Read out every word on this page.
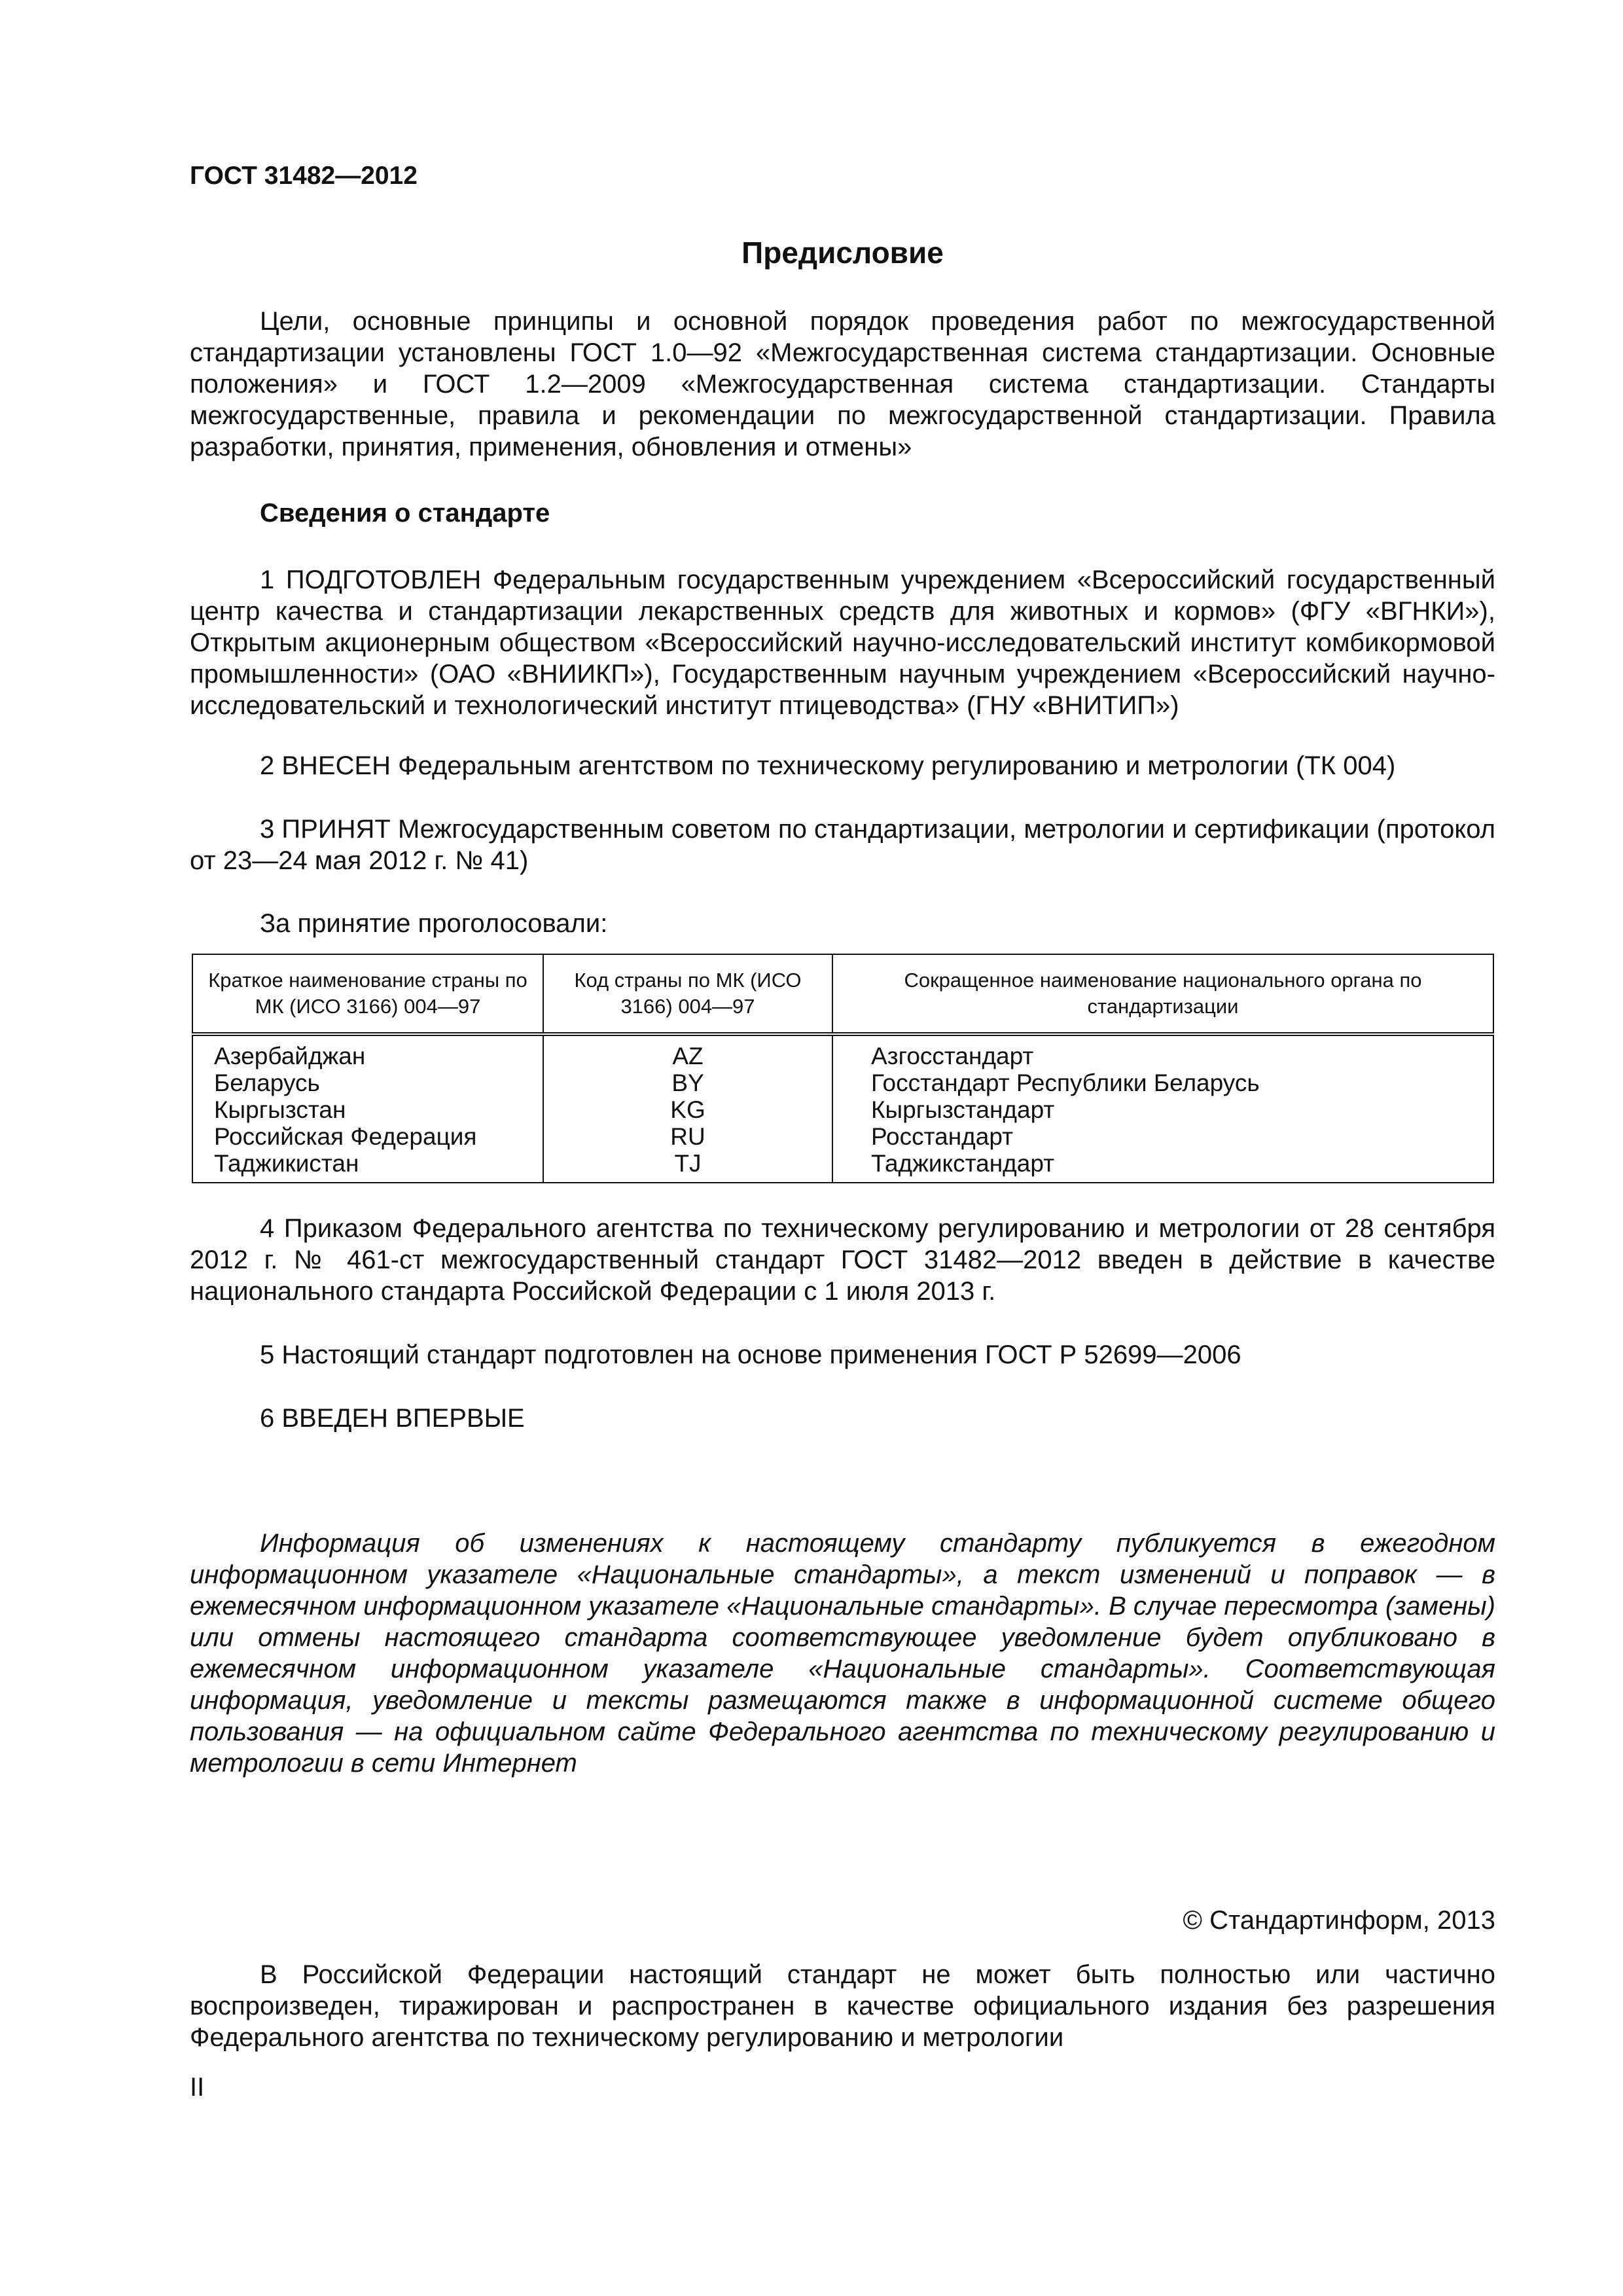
ГОСТ 31482—2012
Предисловие

Цели, основные принципы и основной порядок проведения работ по межгосударственной стандартизации установлены ГОСТ 1.0—92 «Межгосударственная система стандартизации. Основные положения» и ГОСТ 1.2—2009 «Межгосударственная система стандартизации. Стандарты межгосударственные, правила и рекомендации по межгосударственной стандартизации. Правила разработки, принятия, применения, обновления и отмены»

Сведения о стандарте

1 ПОДГОТОВЛЕН Федеральным государственным учреждением «Всероссийский государственный центр качества и стандартизации лекарственных средств для животных и кормов» (ФГУ «ВГНКИ»), Открытым акционерным обществом «Всероссийский научно-исследовательский институт комбикормовой промышленности» (ОАО «ВНИИКП»), Государственным научным учреждением «Всероссийский научно-исследовательский и технологический институт птицеводства» (ГНУ «ВНИТИП»)

2 ВНЕСЕН Федеральным агентством по техническому регулированию и метрологии (ТК 004)

3 ПРИНЯТ Межгосударственным советом по стандартизации, метрологии и сертификации (протокол от 23—24 мая 2012 г. № 41)

За принятие проголосовали:

Краткое наименование страны по МК (ИСО 3166) 004—97	Код страны по МК (ИСО 3166) 004—97	Сокращенное наименование национального органа по стандартизации
Азербайджан	AZ	Азгосстандарт
Беларусь	BY	Госстандарт Республики Беларусь
Кыргызстан	KG	Кыргызстандарт
Российская Федерация	RU	Росстандарт
Таджикистан	TJ	Таджикстандарт

4 Приказом Федерального агентства по техническому регулированию и метрологии от 28 сентября 2012 г. № 461-ст межгосударственный стандарт ГОСТ 31482—2012 введен в действие в качестве национального стандарта Российской Федерации с 1 июля 2013 г.

5 Настоящий стандарт подготовлен на основе применения ГОСТ Р 52699—2006

6 ВВЕДЕН ВПЕРВЫЕ

Информация об изменениях к настоящему стандарту публикуется в ежегодном информационном указателе «Национальные стандарты», а текст изменений и поправок — в ежемесячном информационном указателе «Национальные стандарты». В случае пересмотра (замены) или отмены настоящего стандарта соответствующее уведомление будет опубликовано в ежемесячном информационном указателе «Национальные стандарты». Соответствующая информация, уведомление и тексты размещаются также в информационной системе общего пользования — на официальном сайте Федерального агентства по техническому регулированию и метрологии в сети Интернет

© Стандартинформ, 2013

В Российской Федерации настоящий стандарт не может быть полностью или частично воспроизведен, тиражирован и распространен в качестве официального издания без разрешения Федерального агентства по техническому регулированию и метрологии

II
